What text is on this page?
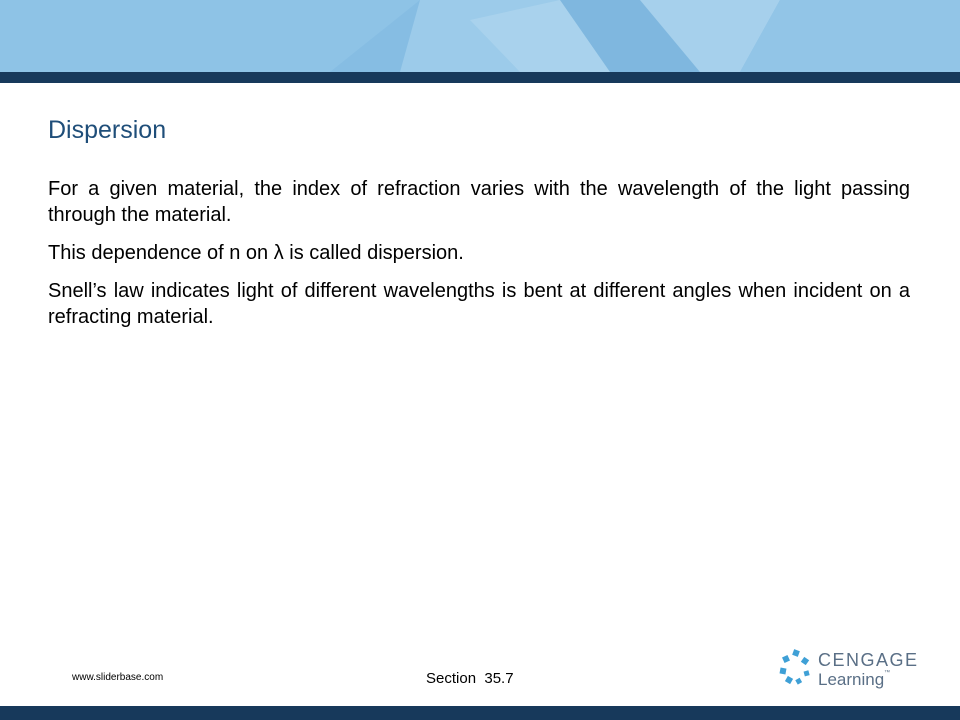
Dispersion

For a given material, the index of refraction varies with the wavelength of the light passing through the material.

This dependence of n on λ is called dispersion.

Snell’s law indicates light of different wavelengths is bent at different angles when incident on a refracting material.

www.sliderbase.com	Section  35.7
CENGAGE
Learning™
